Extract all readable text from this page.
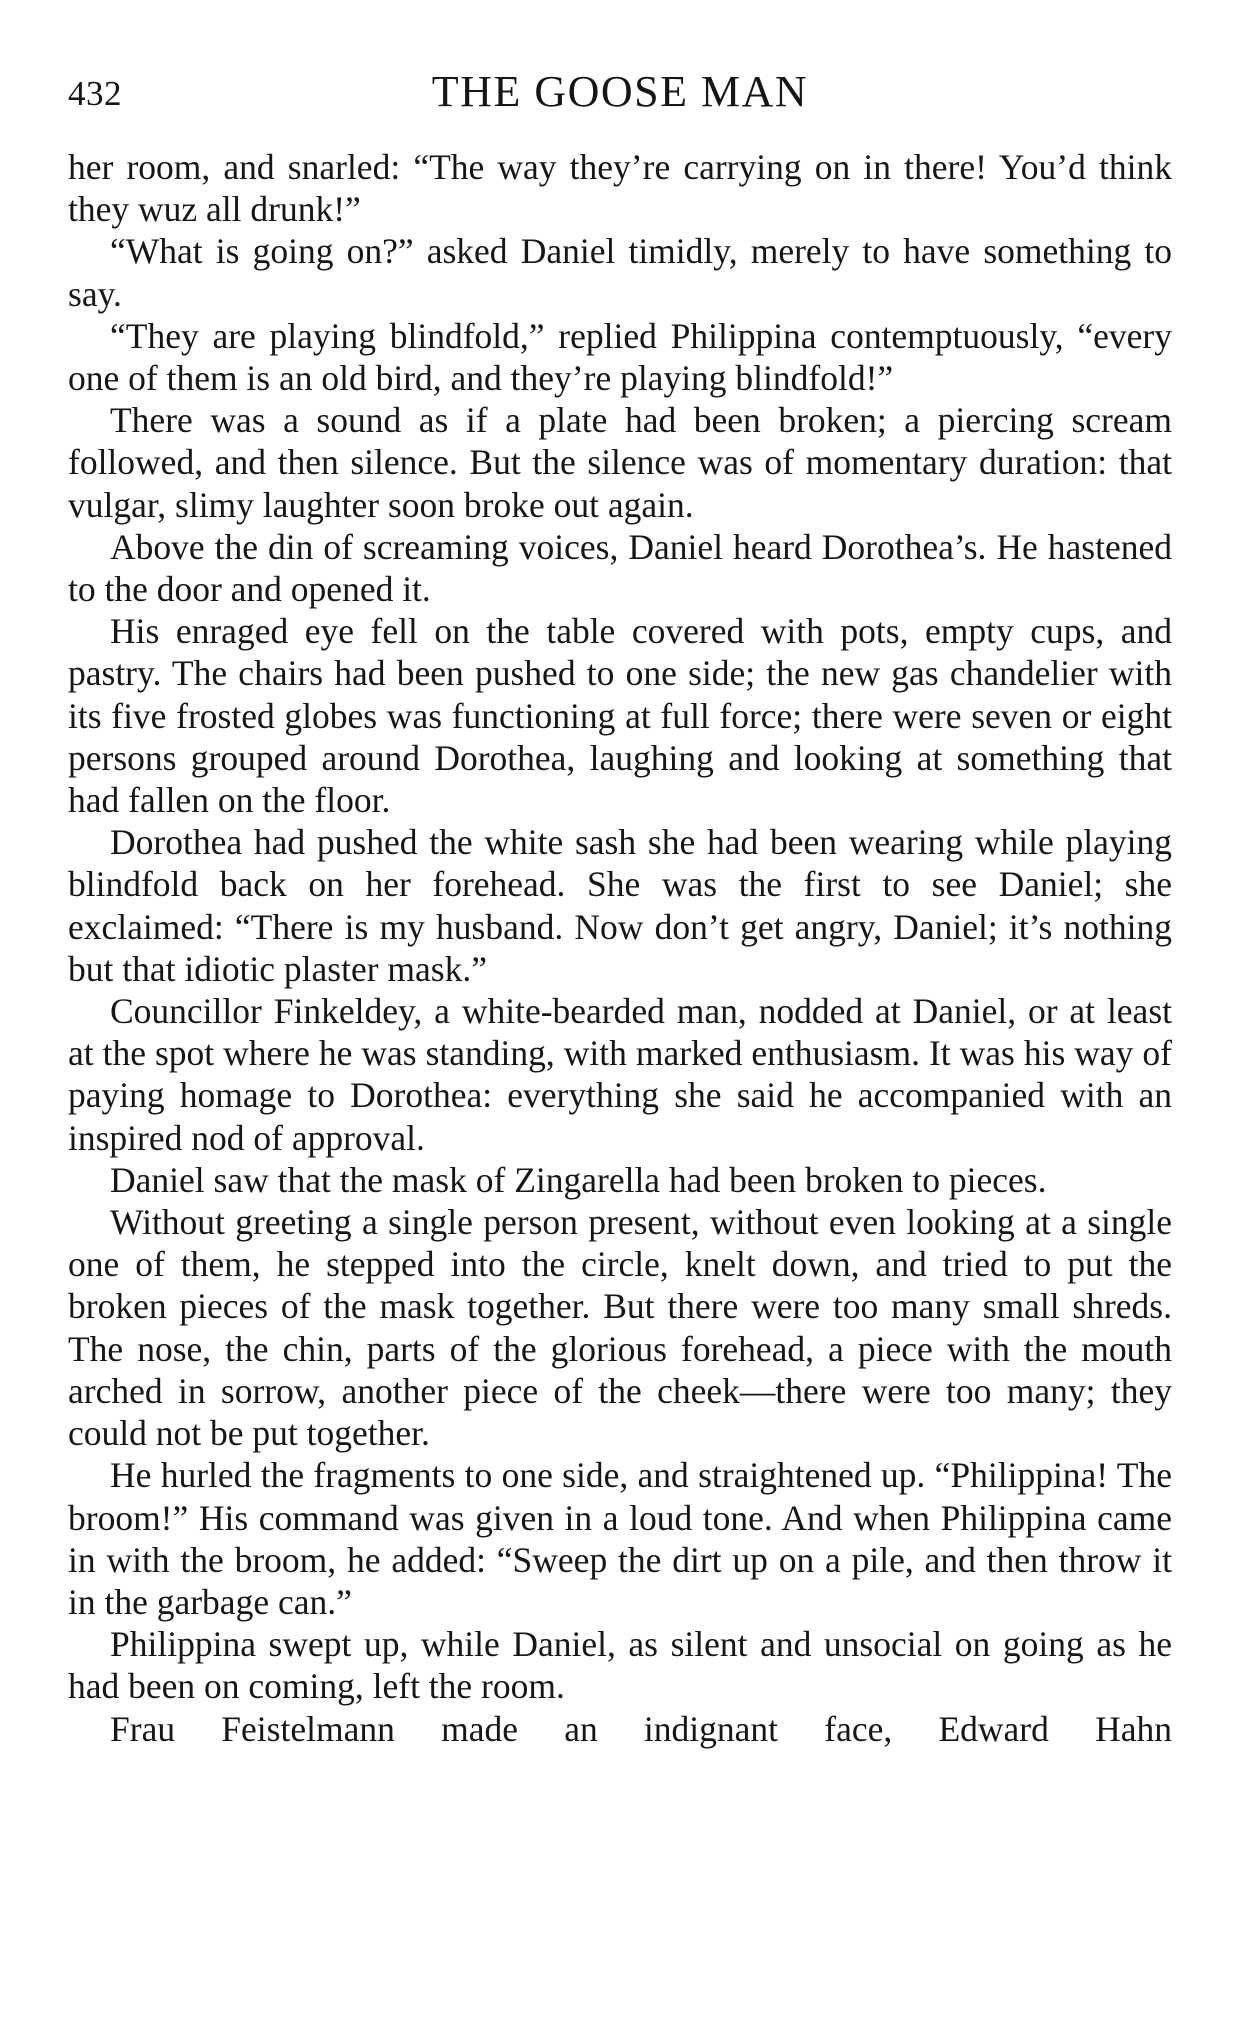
432	THE GOOSE MAN

her room, and snarled: “The way they’re carrying on in there! You’d think they wuz all drunk!”

“What is going on?” asked Daniel timidly, merely to have something to say.

“They are playing blindfold,” replied Philippina contemptuously, “every one of them is an old bird, and they’re playing blindfold!”

There was a sound as if a plate had been broken; a piercing scream followed, and then silence. But the silence was of momentary duration: that vulgar, slimy laughter soon broke out again.

Above the din of screaming voices, Daniel heard Dorothea’s. He hastened to the door and opened it.

His enraged eye fell on the table covered with pots, empty cups, and pastry. The chairs had been pushed to one side; the new gas chandelier with its five frosted globes was functioning at full force; there were seven or eight persons grouped around Dorothea, laughing and looking at something that had fallen on the floor.

Dorothea had pushed the white sash she had been wearing while playing blindfold back on her forehead. She was the first to see Daniel; she exclaimed: “There is my husband. Now don’t get angry, Daniel; it’s nothing but that idiotic plaster mask.”

Councillor Finkeldey, a white-bearded man, nodded at Daniel, or at least at the spot where he was standing, with marked enthusiasm. It was his way of paying homage to Dorothea: everything she said he accompanied with an inspired nod of approval.

Daniel saw that the mask of Zingarella had been broken to pieces.

Without greeting a single person present, without even looking at a single one of them, he stepped into the circle, knelt down, and tried to put the broken pieces of the mask together. But there were too many small shreds. The nose, the chin, parts of the glorious forehead, a piece with the mouth arched in sorrow, another piece of the cheek—there were too many; they could not be put together.

He hurled the fragments to one side, and straightened up. “Philippina! The broom!” His command was given in a loud tone. And when Philippina came in with the broom, he added: “Sweep the dirt up on a pile, and then throw it in the garbage can.”

Philippina swept up, while Daniel, as silent and unsocial on going as he had been on coming, left the room.

Frau Feistelmann made an indignant face, Edward Hahn
